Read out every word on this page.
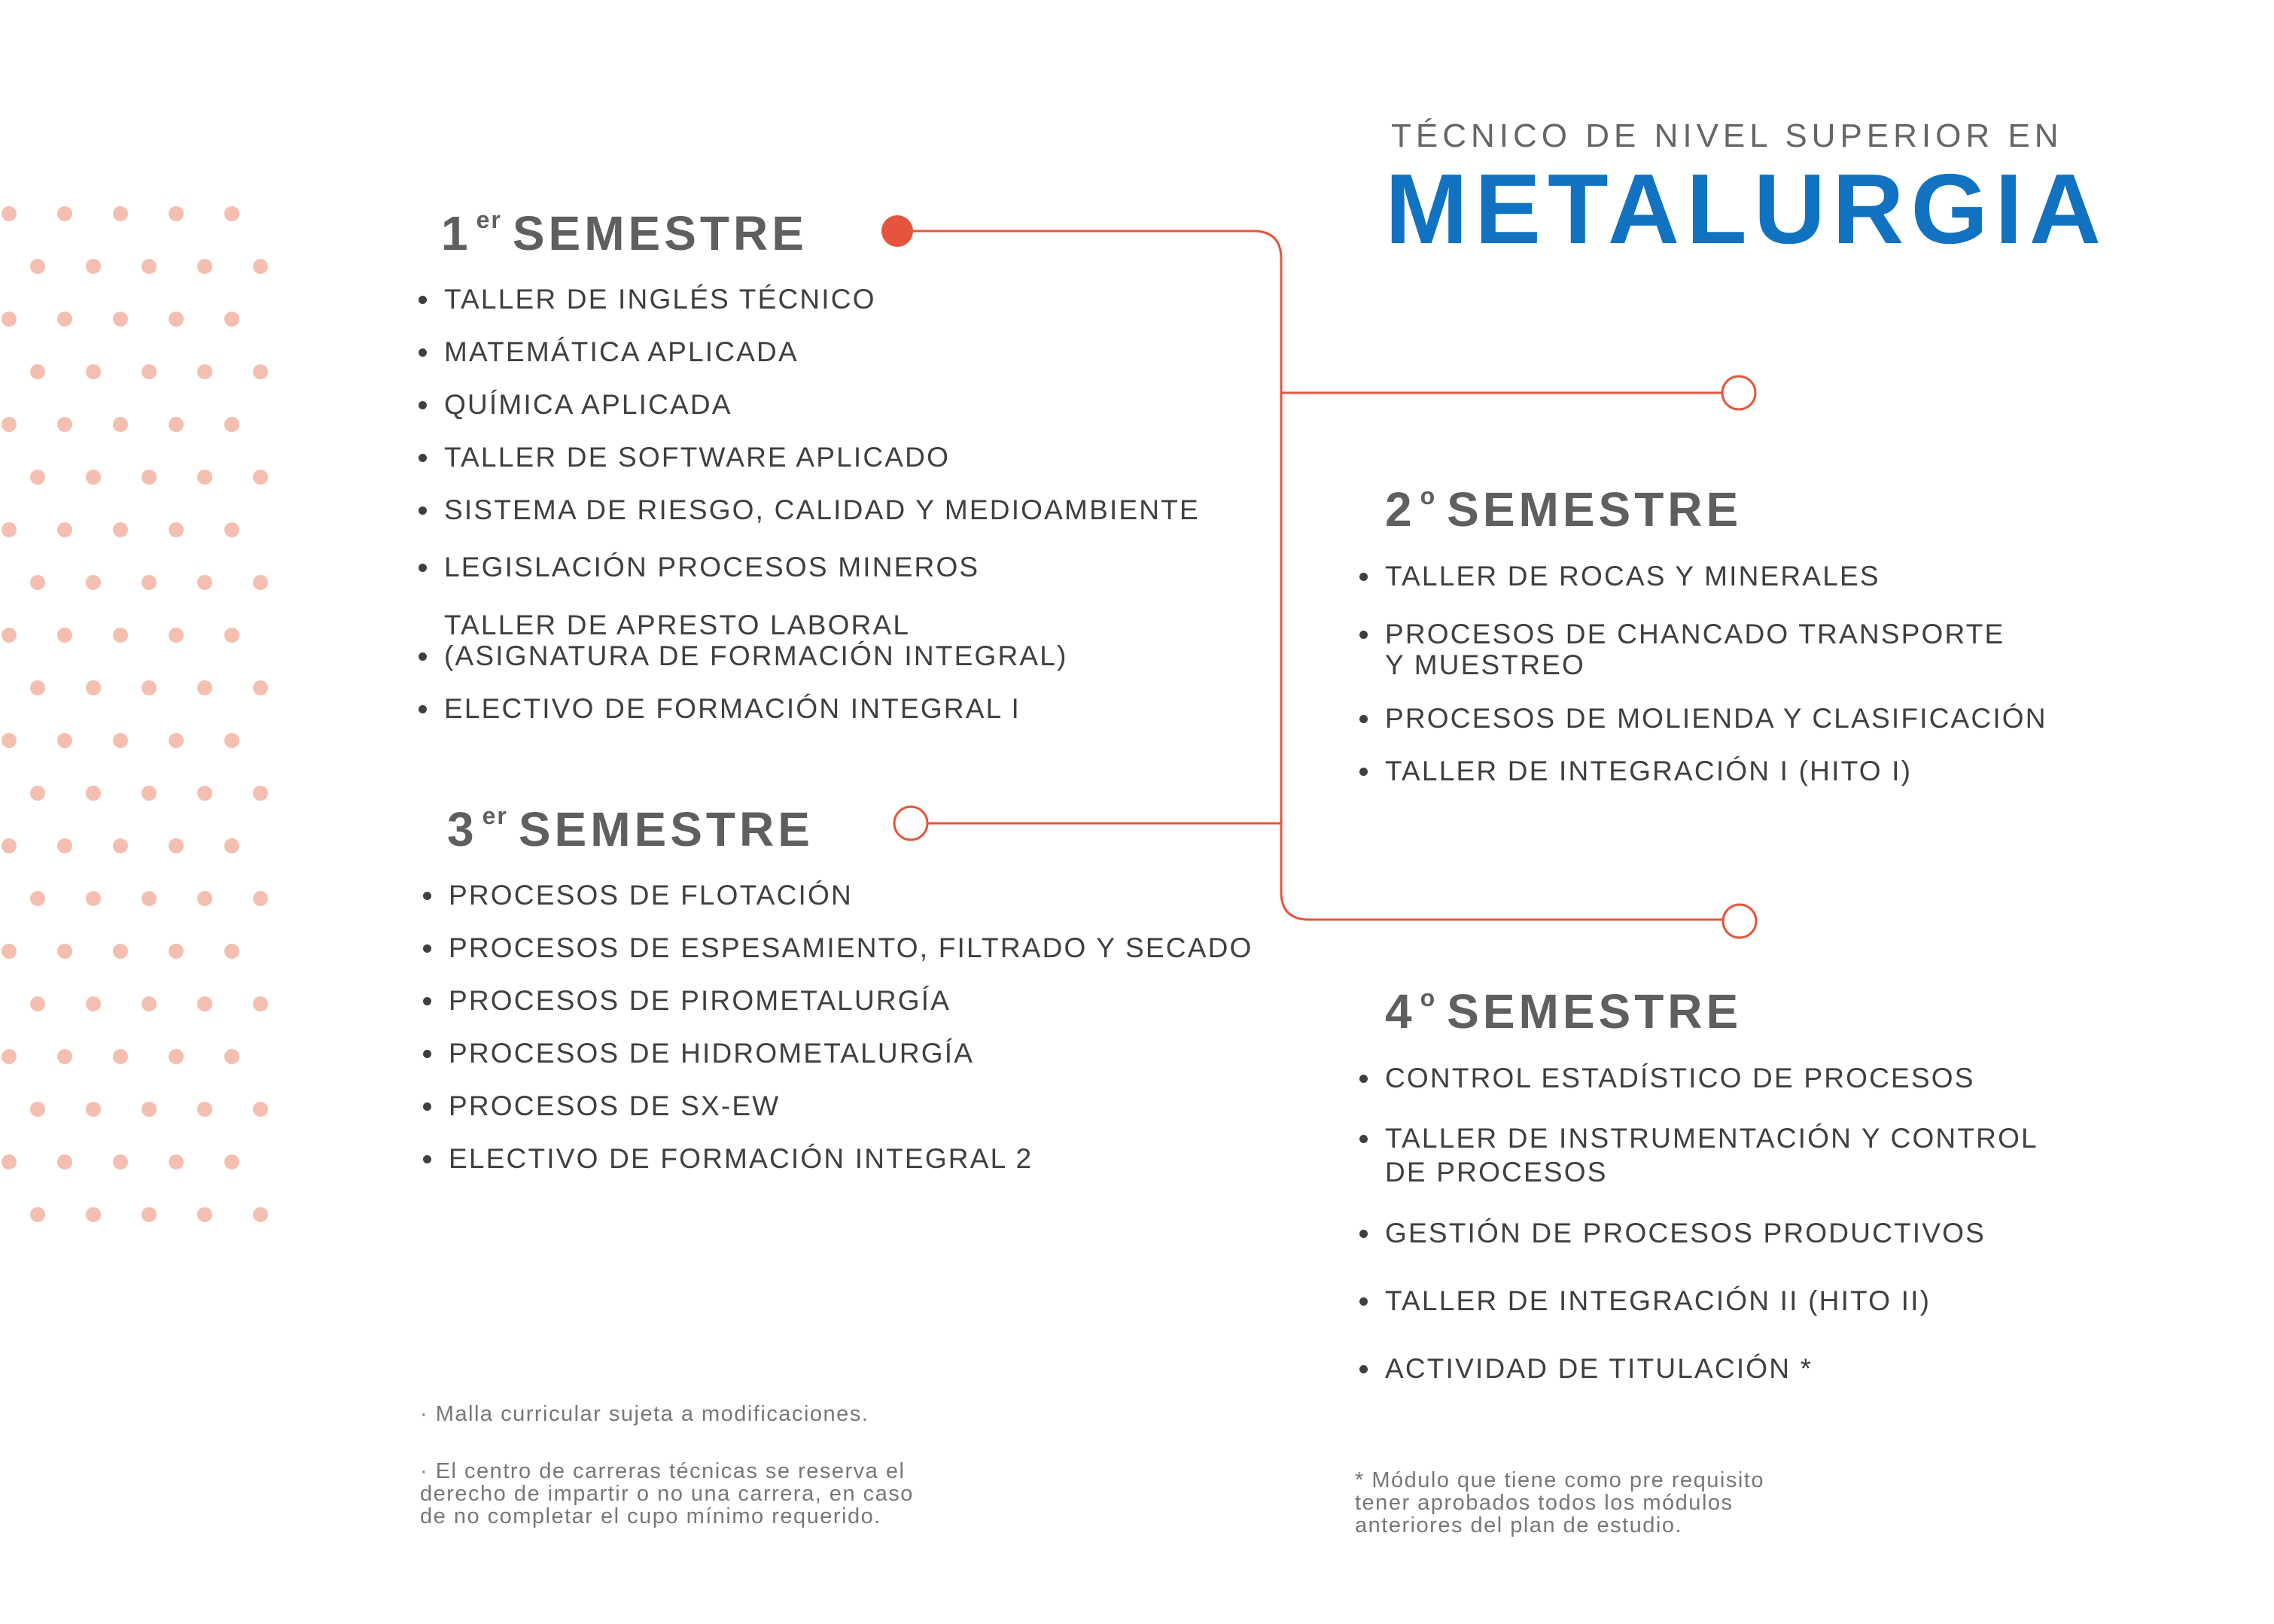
TÉCNICO DE NIVEL SUPERIOR EN
METALURGIA
1 $^{er}$ SEMESTRE
TALLER DE INGLÉS TÉCNICO
MATEMÁTICA APLICADA
QUÍMICA APLICADA
TALLER DE SOFTWARE APLICADO
SISTEMA DE RIESGO, CALIDAD Y MEDIOAMBIENTE
LEGISLACIÓN PROCESOS MINEROS
TALLER DE APRESTO LABORAL
(ASIGNATURA DE FORMACIÓN INTEGRAL)
ELECTIVO DE FORMACIÓN INTEGRAL I
2 $^o$ SEMESTRE
TALLER DE ROCAS Y MINERALES
PROCESOS DE CHANCADO TRANSPORTE
Y MUESTREO
PROCESOS DE MOLIENDA Y CLASIFICACIÓN
TALLER DE INTEGRACIÓN I (HITO I)
3 $^{er}$ SEMESTRE
PROCESOS DE FLOTACIÓN
PROCESOS DE ESPESAMIENTO, FILTRADO Y SECADO
PROCESOS DE PIROMETALURGÍA
PROCESOS DE HIDROMETALURGÍA
PROCESOS DE SX-EW
ELECTIVO DE FORMACIÓN INTEGRAL 2
4 $^o$ SEMESTRE
CONTROL ESTADÍSTICO DE PROCESOS
TALLER DE INSTRUMENTACIÓN Y CONTROL
DE PROCESOS
GESTIÓN DE PROCESOS PRODUCTIVOS
TALLER DE INTEGRACIÓN II (HITO II)
ACTIVIDAD DE TITULACIÓN *
· Malla curricular sujeta a modificaciones.
· El centro de carreras técnicas se reserva el
derecho de impartir o no una carrera, en caso
de no completar el cupo mínimo requerido.
* Módulo que tiene como pre requisito
tener aprobados todos los módulos
anteriores del plan de estudio.
